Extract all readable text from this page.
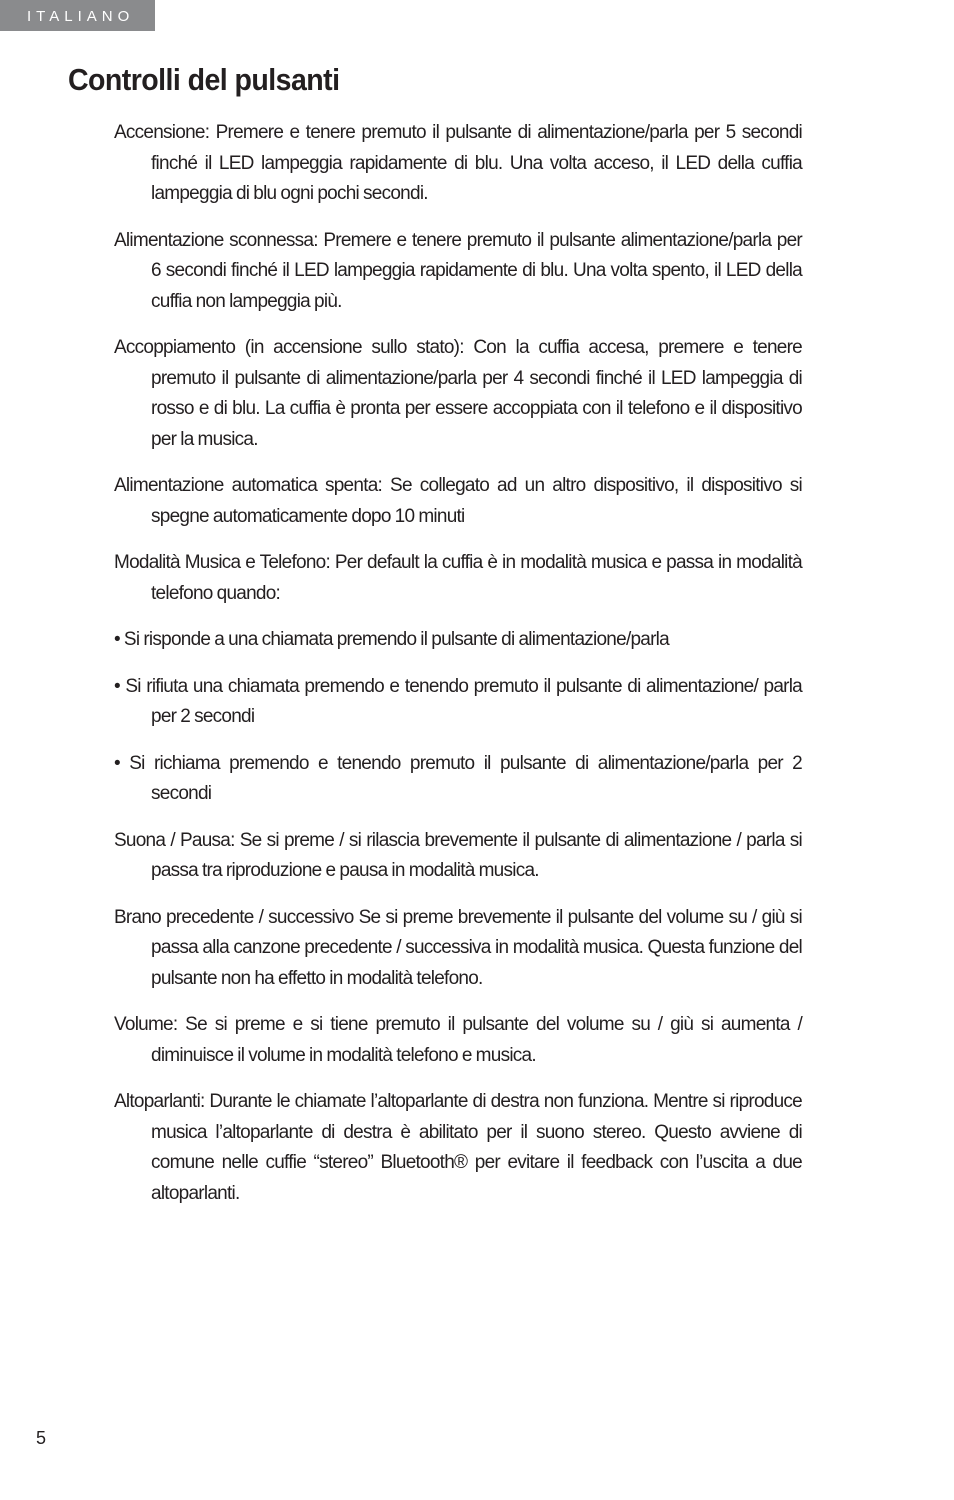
ITALIANO
Controlli del pulsanti

Accensione: Premere e tenere premuto il pulsante di alimentazione/parla per 5 secondi finché il LED lampeggia rapidamente di blu. Una volta acceso, il LED della cuffia lampeggia di blu ogni pochi secondi.

Alimentazione sconnessa: Premere e tenere premuto il pulsante alimentazione/parla per 6 secondi finché il LED lampeggia rapidamente di blu. Una volta spento, il LED della cuffia non lampeggia più.

Accoppiamento (in accensione sullo stato): Con la cuffia accesa, premere e tenere premuto il pulsante di alimentazione/parla per 4 secondi finché il LED lampeggia di rosso e di blu. La cuffia è pronta per essere accoppiata con il telefono e il dispositivo per la musica.

Alimentazione automatica spenta: Se collegato ad un altro dispositivo, il dispositivo si spegne automaticamente dopo 10 minuti

Modalità Musica e Telefono: Per default la cuffia è in modalità musica e passa in modalità telefono quando:

• Si risponde a una chiamata premendo il pulsante di alimentazione/parla

• Si rifiuta una chiamata premendo e tenendo premuto il pulsante di alimentazione/ parla per 2 secondi

• Si richiama premendo e tenendo premuto il pulsante di alimentazione/parla per 2 secondi

Suona / Pausa: Se si preme / si rilascia brevemente il pulsante di alimentazione / parla si passa tra riproduzione e pausa in modalità musica.

Brano precedente / successivo Se si preme brevemente il pulsante del volume su / giù si passa alla canzone precedente / successiva in modalità musica. Questa funzione del pulsante non ha effetto in modalità telefono.

Volume: Se si preme e si tiene premuto il pulsante del volume su / giù si aumenta / diminuisce il volume in modalità telefono e musica.

Altoparlanti: Durante le chiamate l’altoparlante di destra non funziona. Mentre si riproduce musica l’altoparlante di destra è abilitato per il suono stereo. Questo avviene di comune nelle cuffie “stereo” Bluetooth® per evitare il feedback con l’uscita a due altoparlanti.

5
